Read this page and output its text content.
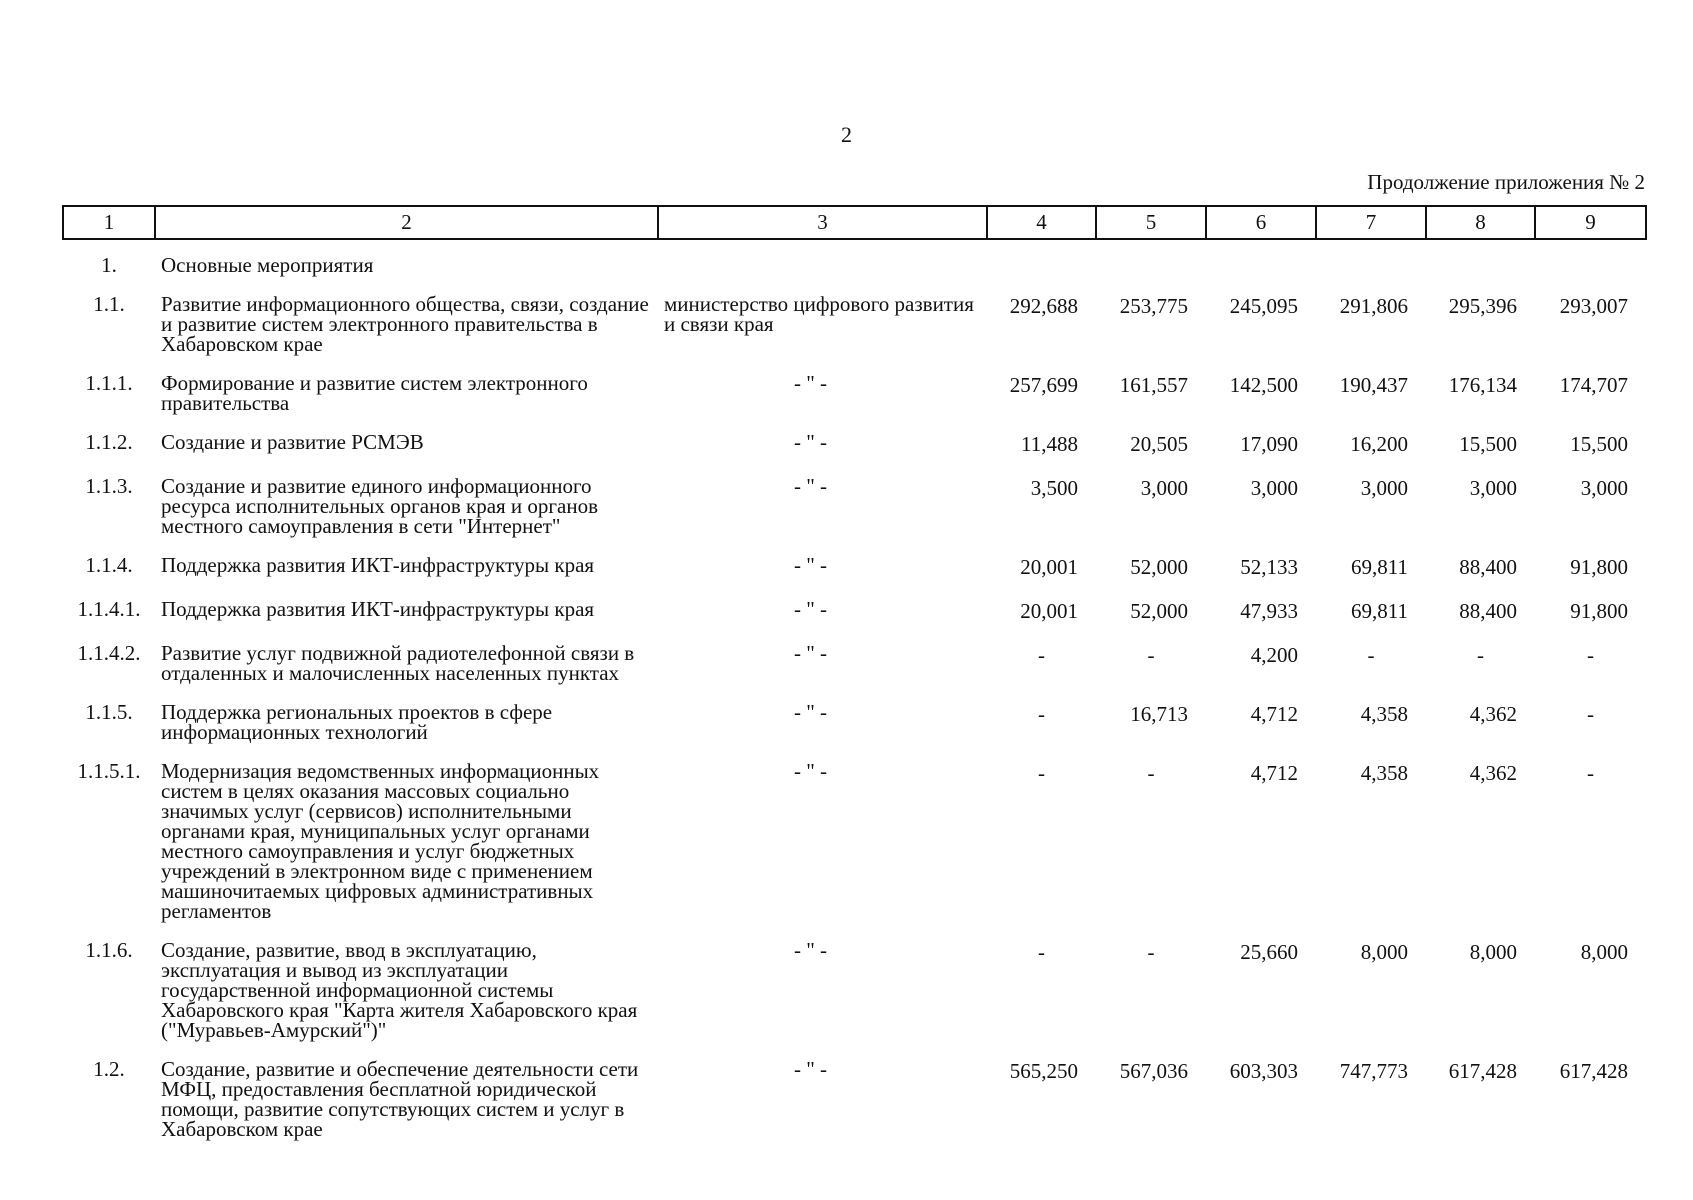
2
Продолжение приложения № 2
1	2	3	4	5	6	7	8	9

1.	Основные мероприятия							

1.1.	Развитие информационного общества, связи, создание и развитие систем электронного правительства в Хабаровском крае	министерство цифрового развития и связи края	292,688	253,775	245,095	291,806	295,396	293,007

1.1.1.	Формирование и развитие систем электронного правительства	- " -	257,699	161,557	142,500	190,437	176,134	174,707

1.1.2.	Создание и развитие РСМЭВ	- " -	11,488	20,505	17,090	16,200	15,500	15,500

1.1.3.	Создание и развитие единого информационного ресурса исполнительных органов края и органов местного самоуправления в сети "Интернет"	- " -	3,500	3,000	3,000	3,000	3,000	3,000

1.1.4.	Поддержка развития ИКТ-инфраструктуры края	- " -	20,001	52,000	52,133	69,811	88,400	91,800

1.1.4.1.	Поддержка развития ИКТ-инфраструктуры края	- " -	20,001	52,000	47,933	69,811	88,400	91,800

1.1.4.2.	Развитие услуг подвижной радиотелефонной связи в отдаленных и малочисленных населенных пунктах	- " -	-	-	4,200	-	-	-

1.1.5.	Поддержка региональных проектов в сфере информационных технологий	- " -	-	16,713	4,712	4,358	4,362	-

1.1.5.1.	Модернизация ведомственных информационных систем в целях оказания массовых социально значимых услуг (сервисов) исполнительными органами края, муниципальных услуг органами местного самоуправления и услуг бюджетных учреждений в электронном виде с применением машиночитаемых цифровых административных регламентов	- " -	-	-	4,712	4,358	4,362	-

1.1.6.	Создание, развитие, ввод в эксплуатацию, эксплуатация и вывод из эксплуатации государственной информационной системы Хабаровского края "Карта жителя Хабаровского края ("Муравьев-Амурский")"	- " -	-	-	25,660	8,000	8,000	8,000

1.2.	Создание, развитие и обеспечение деятельности сети МФЦ, предоставления бесплатной юридической помощи, развитие сопутствующих систем и услуг в Хабаровском крае	- " -	565,250	567,036	603,303	747,773	617,428	617,428
